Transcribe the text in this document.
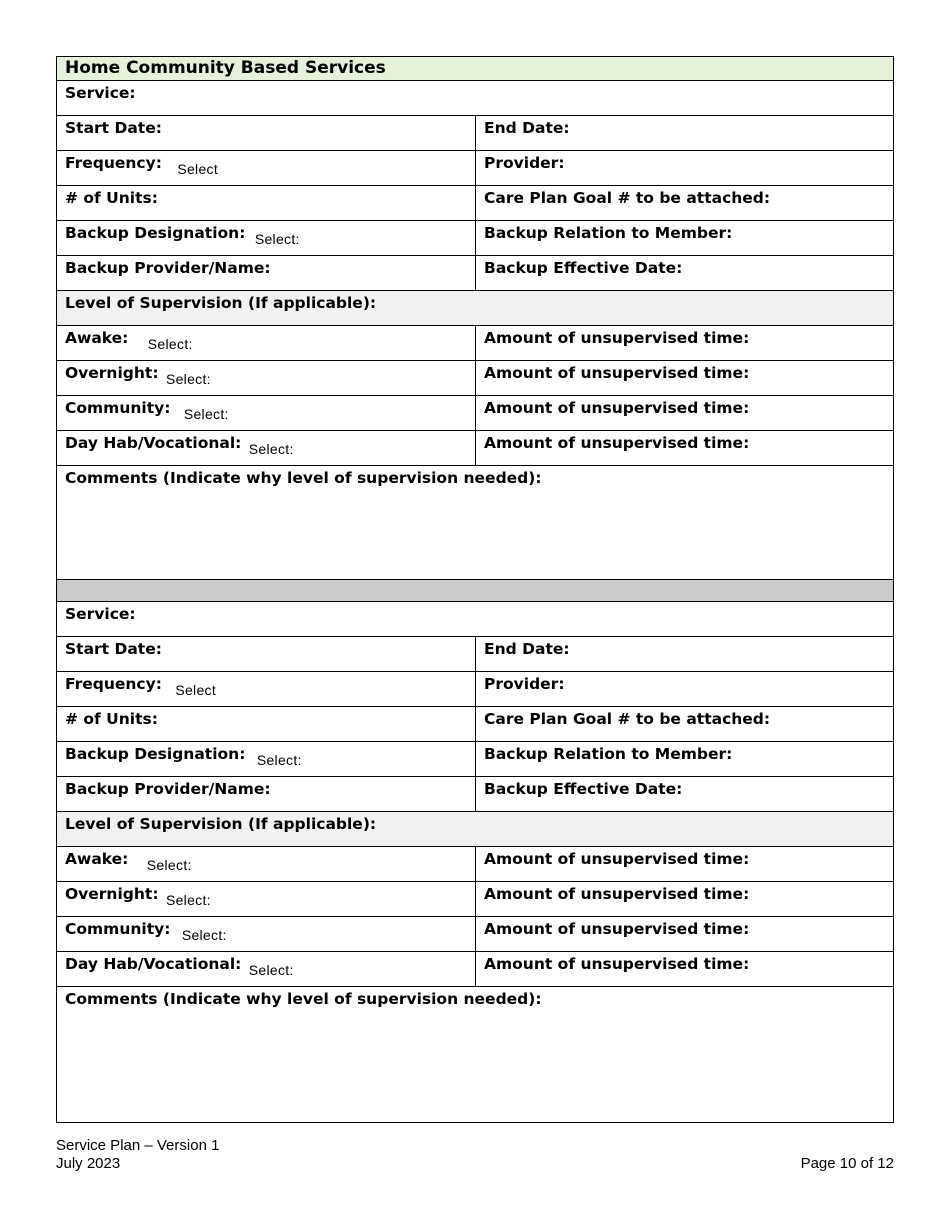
Home Community Based Services
Service:
Start Date:	End Date:
Frequency: Select	Provider:
# of Units:	Care Plan Goal # to be attached:
Backup Designation: Select:	Backup Relation to Member:
Backup Provider/Name:	Backup Effective Date:
Level of Supervision (If applicable):
Awake: Select:	Amount of unsupervised time:
Overnight: Select:	Amount of unsupervised time:
Community: Select:	Amount of unsupervised time:
Day Hab/Vocational: Select:	Amount of unsupervised time:
Comments (Indicate why level of supervision needed):
Service:
Start Date:	End Date:
Frequency: Select	Provider:
# of Units:	Care Plan Goal # to be attached:
Backup Designation: Select:	Backup Relation to Member:
Backup Provider/Name:	Backup Effective Date:
Level of Supervision (If applicable):
Awake: Select:	Amount of unsupervised time:
Overnight: Select:	Amount of unsupervised time:
Community: Select:	Amount of unsupervised time:
Day Hab/Vocational: Select:	Amount of unsupervised time:
Comments (Indicate why level of supervision needed):
Service Plan – Version 1
July 2023	Page 10 of 12
